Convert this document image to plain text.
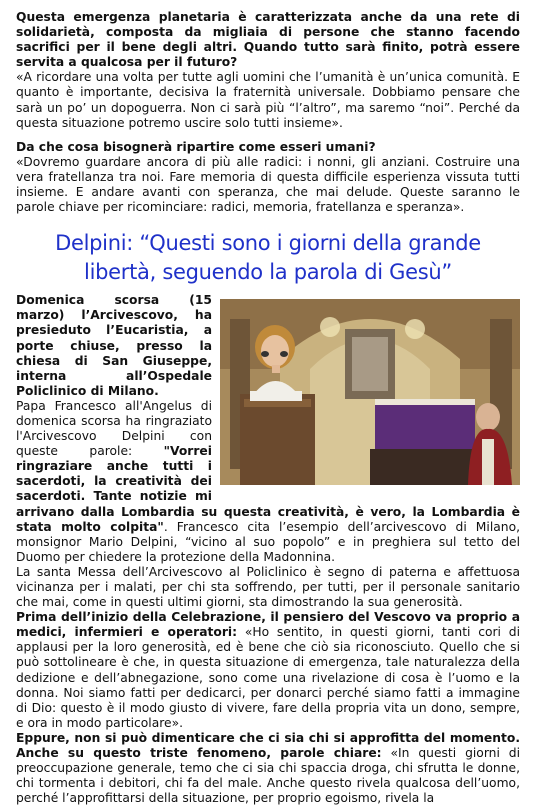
Questa emergenza planetaria è caratterizzata anche da una rete di solidarietà, composta da migliaia di persone che stanno facendo sacrifici per il bene degli altri. Quando tutto sarà finito, potrà essere servita a qualcosa per il futuro?

«A ricordare una volta per tutte agli uomini che l’umanità è un’unica comunità. E quanto è importante, decisiva la fraternità universale. Dobbiamo pensare che sarà un po’ un dopoguerra. Non ci sarà più “l’altro”, ma saremo “noi”. Perché da questa situazione potremo uscire solo tutti insieme».

Da che cosa bisognerà ripartire come esseri umani?

«Dovremo guardare ancora di più alle radici: i nonni, gli anziani. Costruire una vera fratellanza tra noi. Fare memoria di questa difficile esperienza vissuta tutti insieme. E andare avanti con speranza, che mai delude. Queste saranno le parole chiave per ricominciare: radici, memoria, fratellanza e speranza».

Delpini: “Questi sono i giorni della grande libertà, seguendo la parola di Gesù”

Domenica scorsa (15 marzo) l’Arcivescovo, ha presieduto l’Eucaristia, a porte chiuse, presso la chiesa di San Giuseppe, interna all’Ospedale Policlinico di Milano.

Papa Francesco all'Angelus di domenica scorsa ha ringraziato l'Arcivescovo Delpini con queste parole: "Vorrei ringraziare anche tutti i sacerdoti, la creatività dei sacerdoti. Tante notizie mi arrivano dalla Lombardia su questa creatività, è vero, la Lombardia è stata molto colpita". Francesco cita l’esempio dell’arcivescovo di Milano, monsignor Mario Delpini, “vicino al suo popolo” e in preghiera sul tetto del Duomo per chiedere la protezione della Madonnina.

La santa Messa dell’Arcivescovo al Policlinico è segno di paterna e affettuosa vicinanza per i malati, per chi sta soffrendo, per tutti, per il personale sanitario che mai, come in questi ultimi giorni, sta dimostrando la sua generosità.

Prima dell’inizio della Celebrazione, il pensiero del Vescovo va proprio a medici, infermieri e operatori: «Ho sentito, in questi giorni, tanti cori di applausi per la loro generosità, ed è bene che ciò sia riconosciuto. Quello che si può sottolineare è che, in questa situazione di emergenza, tale naturalezza della dedizione e dell’abnegazione, sono come una rivelazione di cosa è l’uomo e la donna. Noi siamo fatti per dedicarci, per donarci perché siamo fatti a immagine di Dio: questo è il modo giusto di vivere, fare della propria vita un dono, sempre, e ora in modo particolare».

Eppure, non si può dimenticare che ci sia chi si approfitta del momento. Anche su questo triste fenomeno, parole chiare: «In questi giorni di preoccupazione generale, temo che ci sia chi spaccia droga, chi sfrutta le donne, chi tormenta i debitori, chi fa del male. Anche questo rivela qualcosa dell’uomo, perché l’approfittarsi della situazione, per proprio egoismo, rivela la
